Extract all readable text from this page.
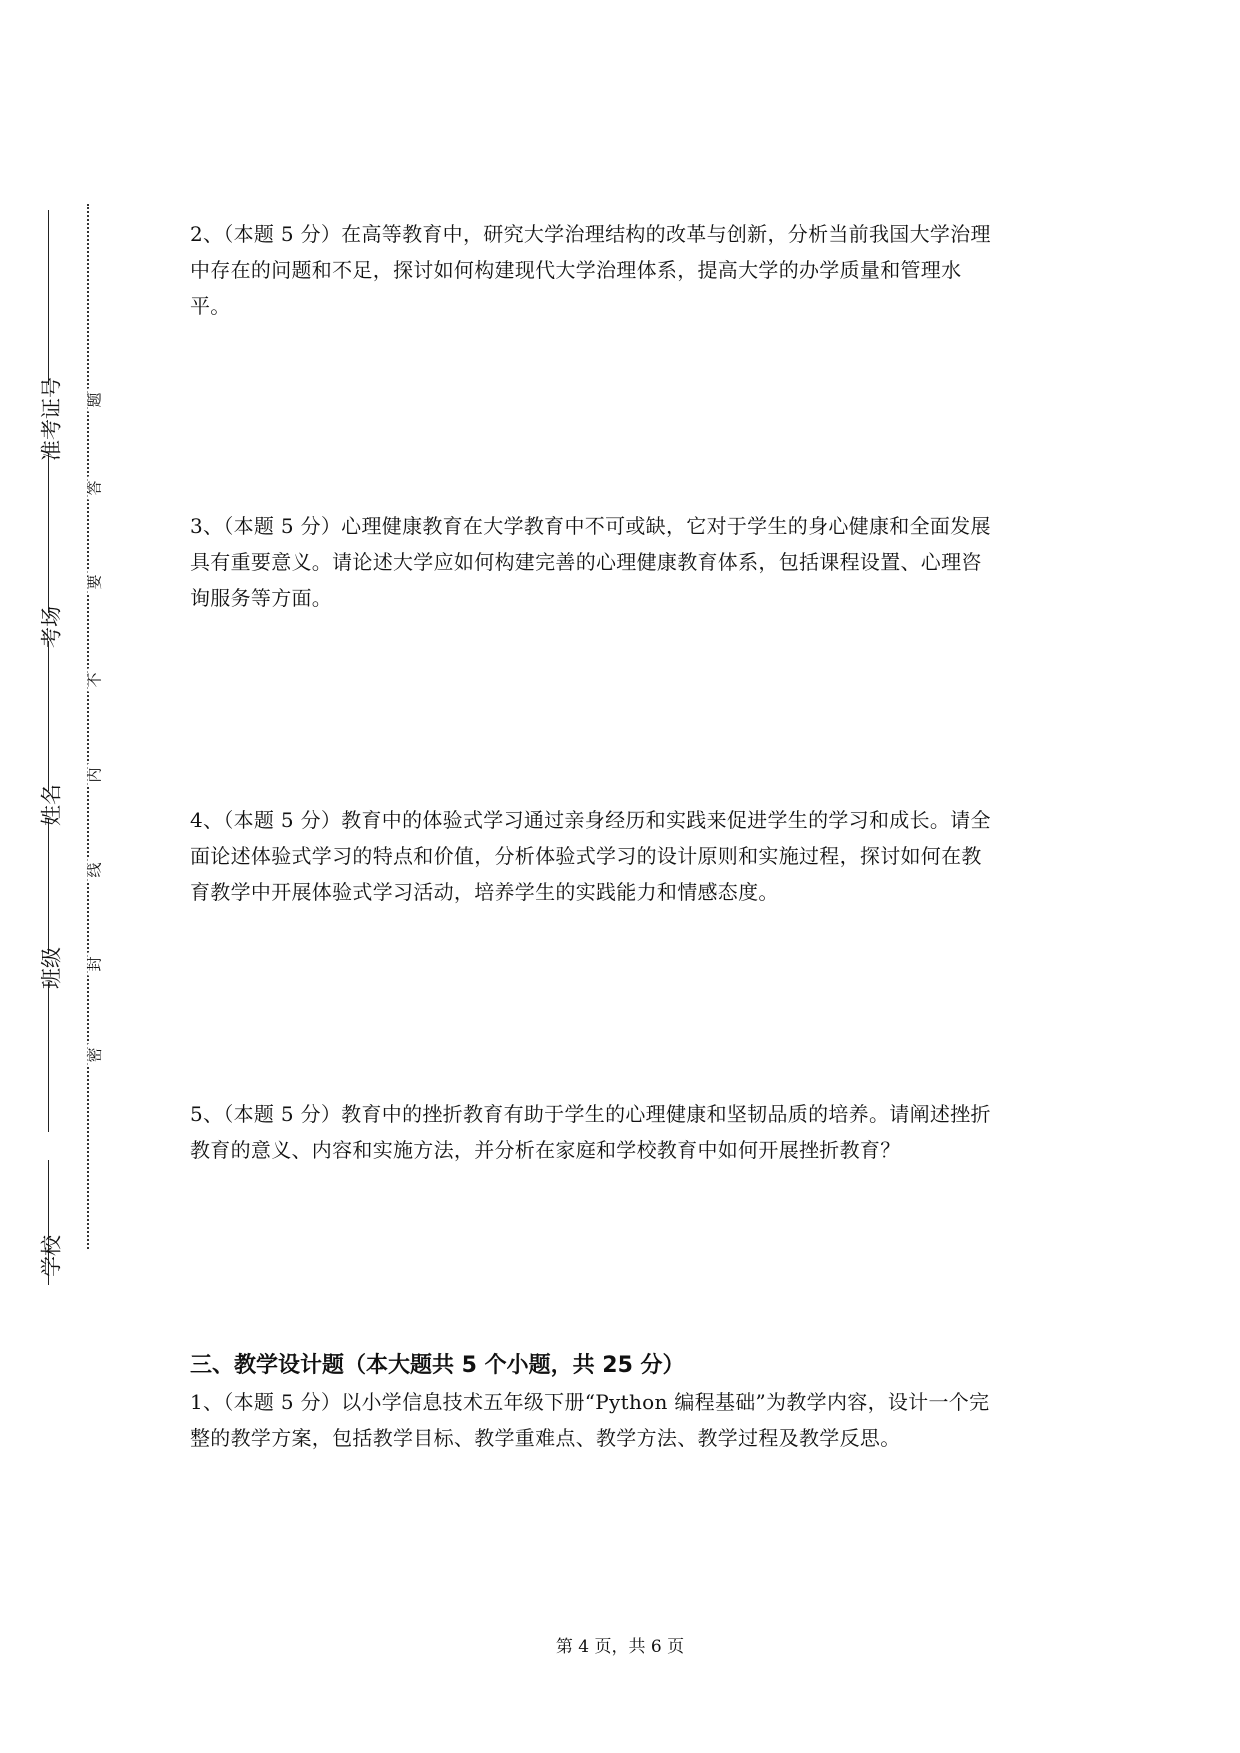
准考证号
考场
姓名
班级
学校
题
答
要
不
内
线
封
密
2、（本题 5 分）在高等教育中，研究大学治理结构的改革与创新，分析当前我国大学治理
中存在的问题和不足，探讨如何构建现代大学治理体系，提高大学的办学质量和管理水
平。
3、（本题 5 分）心理健康教育在大学教育中不可或缺，它对于学生的身心健康和全面发展
具有重要意义。请论述大学应如何构建完善的心理健康教育体系，包括课程设置、心理咨
询服务等方面。
4、（本题 5 分）教育中的体验式学习通过亲身经历和实践来促进学生的学习和成长。请全
面论述体验式学习的特点和价值，分析体验式学习的设计原则和实施过程，探讨如何在教
育教学中开展体验式学习活动，培养学生的实践能力和情感态度。
5、（本题 5 分）教育中的挫折教育有助于学生的心理健康和坚韧品质的培养。请阐述挫折
教育的意义、内容和实施方法，并分析在家庭和学校教育中如何开展挫折教育？
三、教学设计题（本大题共 5 个小题，共 25 分）
1、（本题 5 分）以小学信息技术五年级下册“Python 编程基础”为教学内容，设计一个完
整的教学方案，包括教学目标、教学重难点、教学方法、教学过程及教学反思。
第 4 页，共 6 页
